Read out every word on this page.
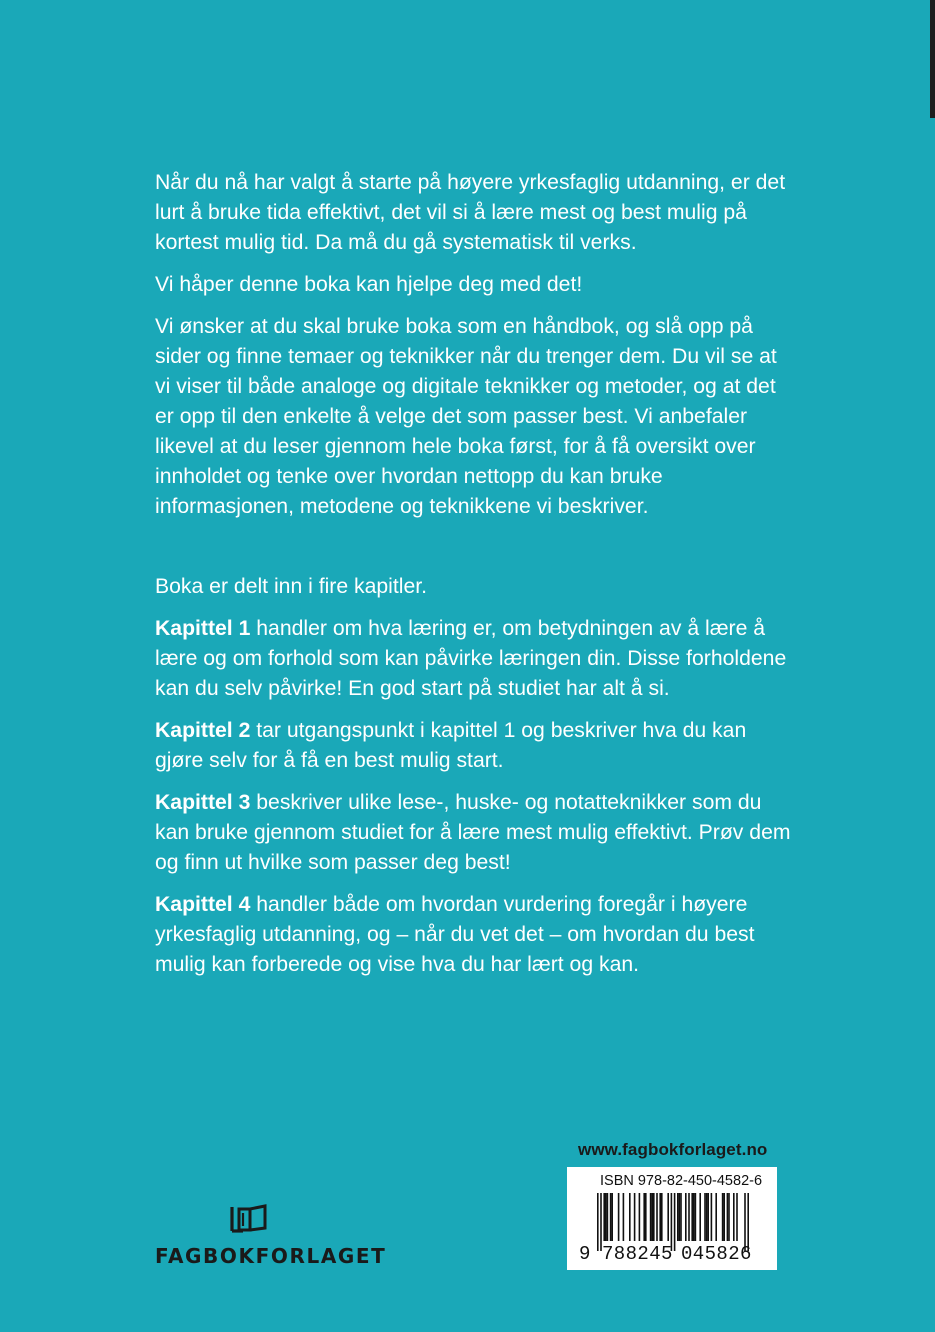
Når du nå har valgt å starte på høyere yrkesfaglig utdanning, er det lurt å bruke tida effektivt, det vil si å lære mest og best mulig på kortest mulig tid. Da må du gå systematisk til verks.

Vi håper denne boka kan hjelpe deg med det!

Vi ønsker at du skal bruke boka som en håndbok, og slå opp på sider og finne temaer og teknikker når du trenger dem. Du vil se at vi viser til både analoge og digitale teknikker og metoder, og at det er opp til den enkelte å velge det som passer best. Vi anbefaler likevel at du leser gjennom hele boka først, for å få oversikt over innholdet og tenke over hvordan nettopp du kan bruke informasjonen, metodene og teknikkene vi beskriver.

Boka er delt inn i fire kapitler.

Kapittel 1 handler om hva læring er, om betydningen av å lære å lære og om forhold som kan påvirke læringen din. Disse forholdene kan du selv påvirke! En god start på studiet har alt å si.

Kapittel 2 tar utgangspunkt i kapittel 1 og beskriver hva du kan gjøre selv for å få en best mulig start.

Kapittel 3 beskriver ulike lese-, huske- og notatteknikker som du kan bruke gjennom studiet for å lære mest mulig effektivt. Prøv dem og finn ut hvilke som passer deg best!

Kapittel 4 handler både om hvordan vurdering foregår i høyere yrkesfaglig utdanning, og – når du vet det – om hvordan du best mulig kan forberede og vise hva du har lært og kan.

www.fagbokforlaget.no
ISBN 978-82-450-4582-6
9 788245 045826
FAGBOKFORLAGET
